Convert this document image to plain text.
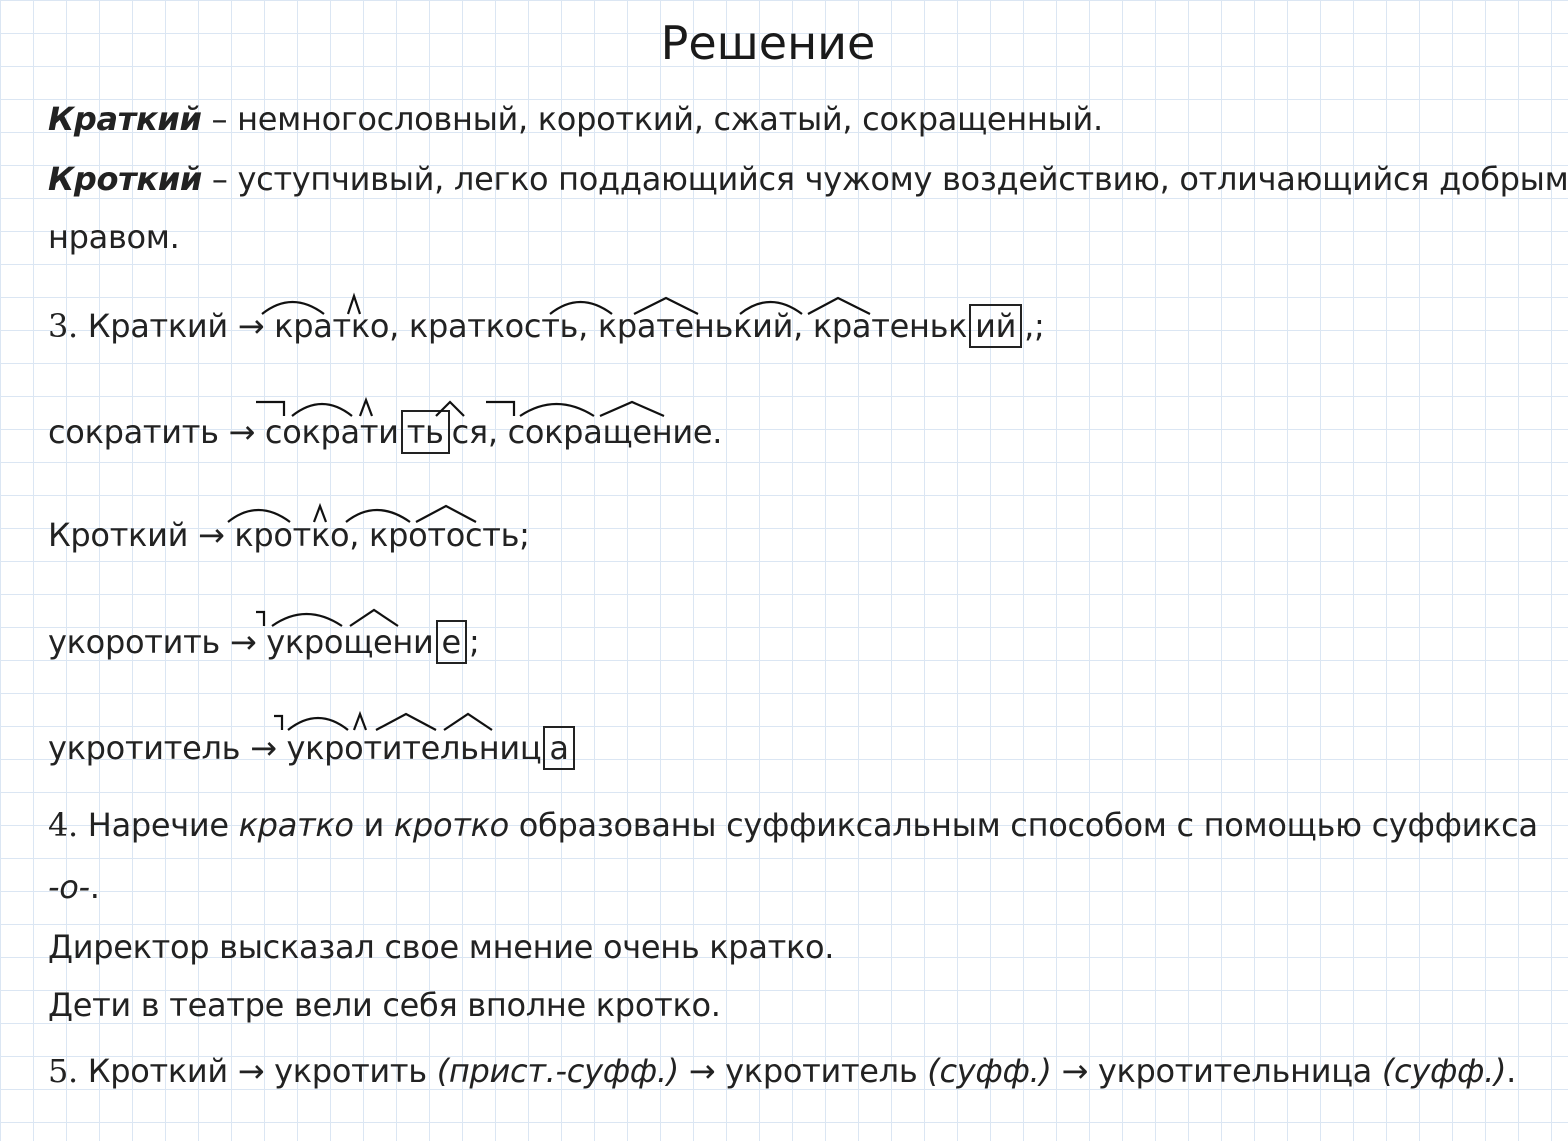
Решение
Краткий – немногословный, короткий, сжатый, сокращенный.
Кроткий – уступчивый, легко поддающийся чужому воздействию, отличающийся добрым
нравом.
3. Краткий → кратко, краткость, кратенький, кратеньк ий ,;
сократить → сократи ть ся, сокращение.
Кроткий → кротко, кротость;
укоротить → укрощени е ;
укротитель → укротительниц а
4. Наречие кратко и кротко образованы суффиксальным способом с помощью суффикса
-о-.
Директор высказал свое мнение очень кратко.
Дети в театре вели себя вполне кротко.
5. Кроткий → укротить (прист.-суфф.) → укротитель (суфф.) → укротительница (суфф.).
